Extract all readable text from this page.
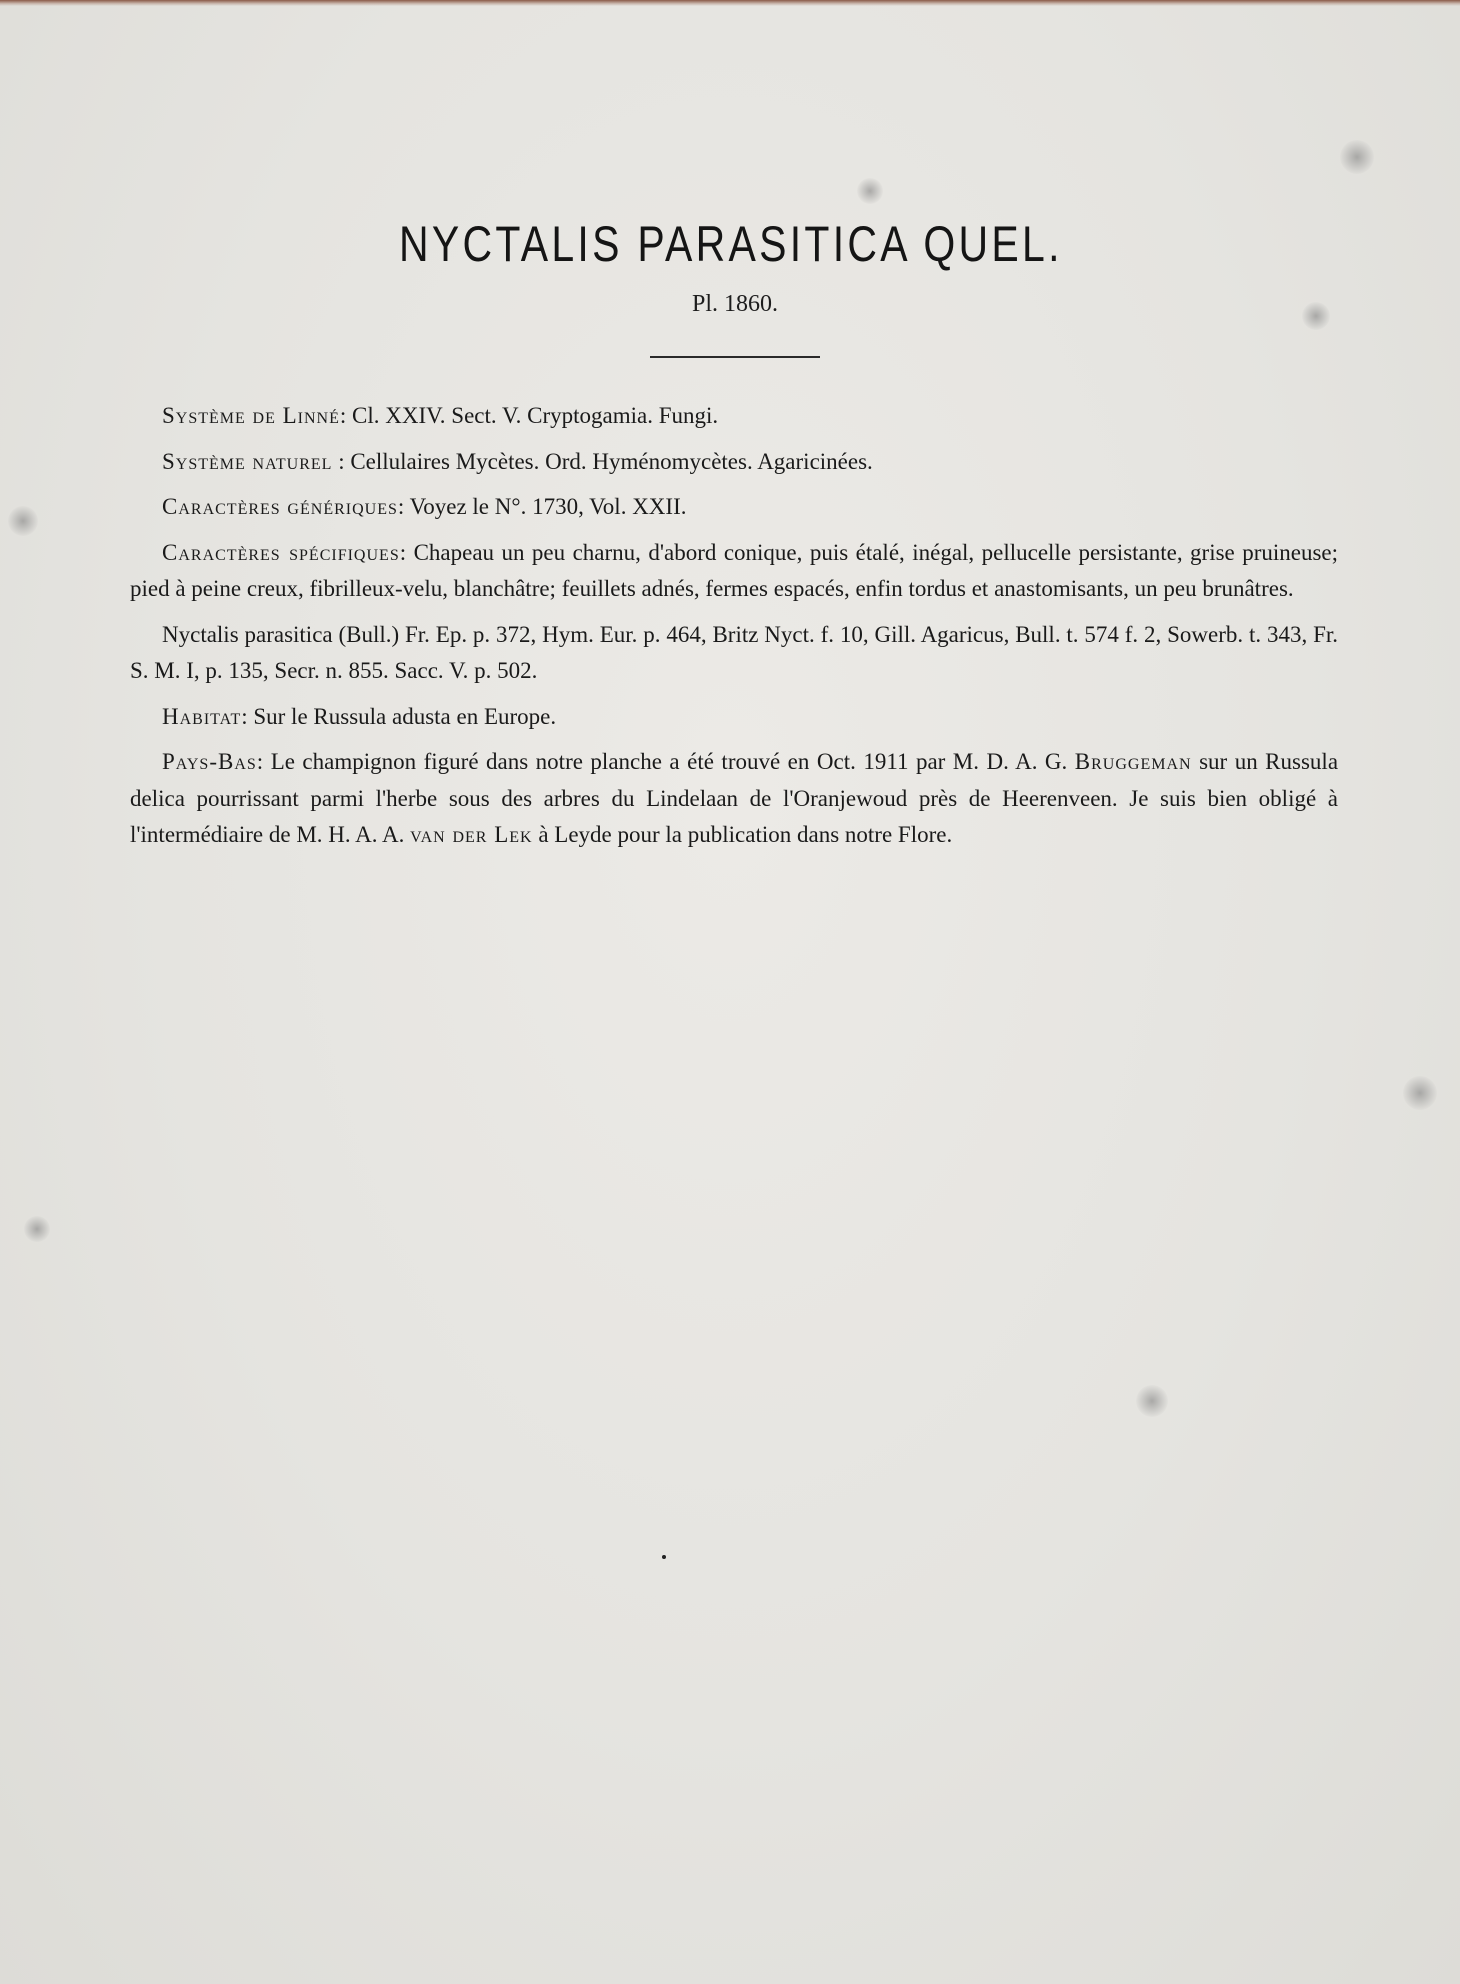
NYCTALIS PARASITICA QUEL.
Pl. 1860.

Système de Linné: Cl. XXIV. Sect. V. Cryptogamia. Fungi.

Système naturel : Cellulaires Mycètes. Ord. Hyménomycètes. Agaricinées.

Caractères génériques: Voyez le N°. 1730, Vol. XXII.

Caractères spécifiques: Chapeau un peu charnu, d'abord conique, puis étalé, inégal, pellucelle persistante, grise pruineuse; pied à peine creux, fibrilleux-velu, blanchâtre; feuillets adnés, fermes espacés, enfin tordus et anastomisants, un peu brunâtres.

Nyctalis parasitica (Bull.) Fr. Ep. p. 372, Hym. Eur. p. 464, Britz Nyct. f. 10, Gill. Agaricus, Bull. t. 574 f. 2, Sowerb. t. 343, Fr. S. M. I, p. 135, Secr. n. 855. Sacc. V. p. 502.

Habitat: Sur le Russula adusta en Europe.

Pays-Bas: Le champignon figuré dans notre planche a été trouvé en Oct. 1911 par M. D. A. G. Bruggeman sur un Russula delica pourrissant parmi l'herbe sous des arbres du Lindelaan de l'Oranjewoud près de Heerenveen. Je suis bien obligé à l'intermédiaire de M. H. A. A. van der Lek à Leyde pour la publication dans notre Flore.
